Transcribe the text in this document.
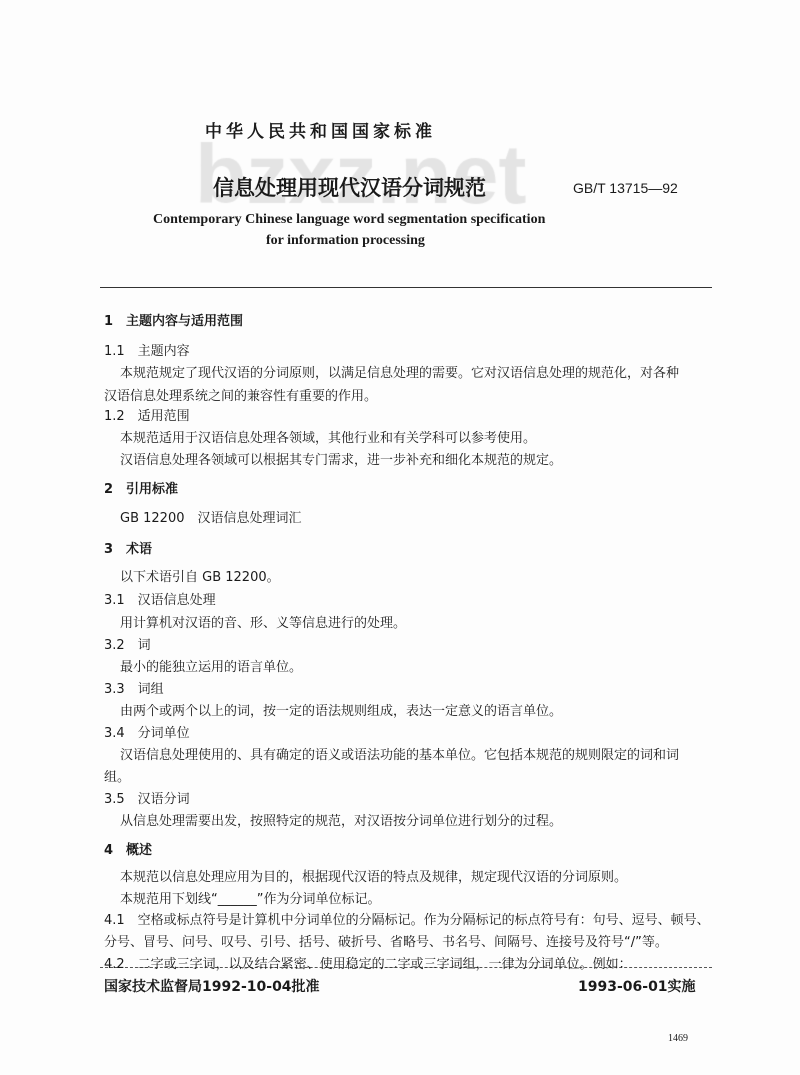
中华人民共和国国家标准
信息处理用现代汉语分词规范	GB/T 13715—92
Contemporary Chinese language word segmentation specification
for information processing
1　主题内容与适用范围
1.1　主题内容
本规范规定了现代汉语的分词原则，以满足信息处理的需要。它对汉语信息处理的规范化，对各种
汉语信息处理系统之间的兼容性有重要的作用。
1.2　适用范围
本规范适用于汉语信息处理各领域，其他行业和有关学科可以参考使用。
汉语信息处理各领域可以根据其专门需求，进一步补充和细化本规范的规定。
2　引用标准
GB 12200　汉语信息处理词汇
3　术语
以下术语引自 GB 12200。
3.1　汉语信息处理
用计算机对汉语的音、形、义等信息进行的处理。
3.2　词
最小的能独立运用的语言单位。
3.3　词组
由两个或两个以上的词，按一定的语法规则组成，表达一定意义的语言单位。
3.4　分词单位
汉语信息处理使用的、具有确定的语义或语法功能的基本单位。它包括本规范的规则限定的词和词
组。
3.5　汉语分词
从信息处理需要出发，按照特定的规范，对汉语按分词单位进行划分的过程。
4　概述
本规范以信息处理应用为目的，根据现代汉语的特点及规律，规定现代汉语的分词原则。
本规范用下划线“______”作为分词单位标记。
4.1　空格或标点符号是计算机中分词单位的分隔标记。作为分隔标记的标点符号有：句号、逗号、顿号、
分号、冒号、问号、叹号、引号、括号、破折号、省略号、书名号、间隔号、连接号及符号“/”等。
4.2　二字或三字词，以及结合紧密、使用稳定的二字或三字词组，一律为分词单位。例如：
国家技术监督局1992-10-04批准	1993-06-01实施
1469
